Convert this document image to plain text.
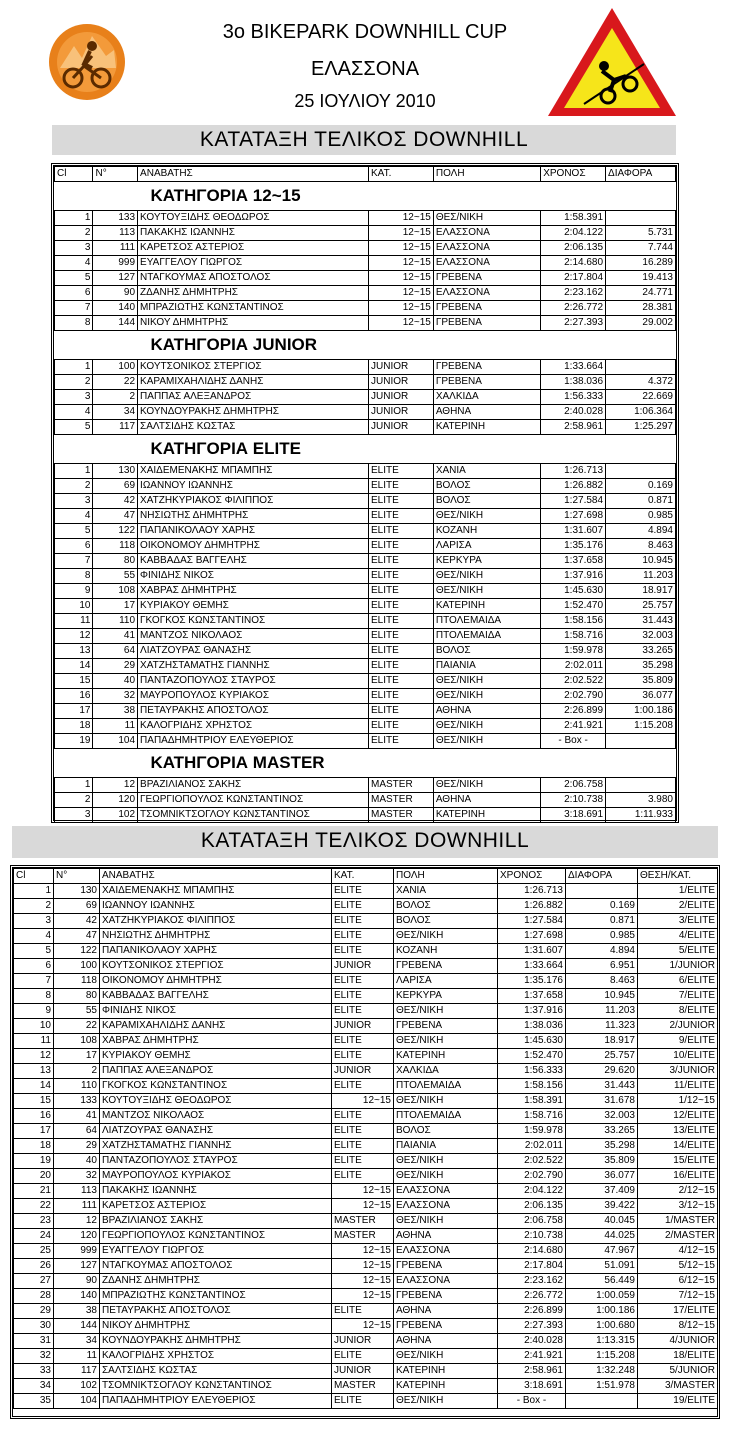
3o BIKEPARK DOWNHILL CUP
ΕΛΑΣΣΟΝΑ
25 ΙΟΥΛΙΟΥ 2010
ΚΑΤΑΤΑΞΗ ΤΕΛΙΚΟΣ DOWNHILL
Cl	N°	ΑΝΑΒΑΤΗΣ	ΚΑΤ.	ΠΟΛΗ	ΧΡΟΝΟΣ	ΔΙΑΦΟΡΑ
ΚΑΤΗΓΟΡΙΑ 12~15						
1	133	ΚΟΥΤΟΥΞΙΔΗΣ ΘΕΟΔΩΡΟΣ	12~15	ΘΕΣ/ΝΙΚΗ	1:58.391	
2	113	ΠΑΚΑΚΗΣ ΙΩΑΝΝΗΣ	12~15	ΕΛΑΣΣΟΝΑ	2:04.122	5.731
3	111	ΚΑΡΕΤΣΟΣ ΑΣΤΕΡΙΟΣ	12~15	ΕΛΑΣΣΟΝΑ	2:06.135	7.744
4	999	ΕΥΑΓΓΕΛΟΥ ΓΙΩΡΓΟΣ	12~15	ΕΛΑΣΣΟΝΑ	2:14.680	16.289
5	127	ΝΤΑΓΚΟΥΜΑΣ ΑΠΟΣΤΟΛΟΣ	12~15	ΓΡΕΒΕΝΑ	2:17.804	19.413
6	90	ΖΔΑΝΗΣ ΔΗΜΗΤΡΗΣ	12~15	ΕΛΑΣΣΟΝΑ	2:23.162	24.771
7	140	ΜΠΡΑΖΙΩΤΗΣ ΚΩΝΣΤΑΝΤΙΝΟΣ	12~15	ΓΡΕΒΕΝΑ	2:26.772	28.381
8	144	ΝΙΚΟΥ ΔΗΜΗΤΡΗΣ	12~15	ΓΡΕΒΕΝΑ	2:27.393	29.002
ΚΑΤΗΓΟΡΙΑ JUNIOR						
1	100	ΚΟΥΤΣΟΝΙΚΟΣ ΣΤΕΡΓΙΟΣ	JUNIOR	ΓΡΕΒΕΝΑ	1:33.664	
2	22	ΚΑΡΑΜΙΧΑΗΛΙΔΗΣ ΔΑΝΗΣ	JUNIOR	ΓΡΕΒΕΝΑ	1:38.036	4.372
3	2	ΠΑΠΠΑΣ ΑΛΕΞΑΝΔΡΟΣ	JUNIOR	ΧΑΛΚΙΔΑ	1:56.333	22.669
4	34	ΚΟΥΝΔΟΥΡΑΚΗΣ ΔΗΜΗΤΡΗΣ	JUNIOR	ΑΘΗΝΑ	2:40.028	1:06.364
5	117	ΣΑΛΤΣΙΔΗΣ ΚΩΣΤΑΣ	JUNIOR	ΚΑΤΕΡΙΝΗ	2:58.961	1:25.297
ΚΑΤΗΓΟΡΙΑ ELITE						
1	130	ΧΑΙΔΕΜΕΝΑΚΗΣ ΜΠΑΜΠΗΣ	ELITE	ΧΑΝΙΑ	1:26.713	
2	69	ΙΩΑΝΝΟΥ ΙΩΑΝΝΗΣ	ELITE	ΒΟΛΟΣ	1:26.882	0.169
3	42	ΧΑΤΖΗΚΥΡΙΑΚΟΣ ΦΙΛΙΠΠΟΣ	ELITE	ΒΟΛΟΣ	1:27.584	0.871
4	47	ΝΗΣΙΩΤΗΣ ΔΗΜΗΤΡΗΣ	ELITE	ΘΕΣ/ΝΙΚΗ	1:27.698	0.985
5	122	ΠΑΠΑΝΙΚΟΛΑΟΥ ΧΑΡΗΣ	ELITE	ΚΟΖΑΝΗ	1:31.607	4.894
6	118	ΟΙΚΟΝΟΜΟΥ ΔΗΜΗΤΡΗΣ	ELITE	ΛΑΡΙΣΑ	1:35.176	8.463
7	80	ΚΑΒΒΑΔΑΣ ΒΑΓΓΕΛΗΣ	ELITE	ΚΕΡΚΥΡΑ	1:37.658	10.945
8	55	ΦΙΝΙΔΗΣ ΝΙΚΟΣ	ELITE	ΘΕΣ/ΝΙΚΗ	1:37.916	11.203
9	108	ΧΑΒΡΑΣ ΔΗΜΗΤΡΗΣ	ELITE	ΘΕΣ/ΝΙΚΗ	1:45.630	18.917
10	17	ΚΥΡΙΑΚΟΥ ΘΕΜΗΣ	ELITE	ΚΑΤΕΡΙΝΗ	1:52.470	25.757
11	110	ΓΚΟΓΚΟΣ ΚΩΝΣΤΑΝΤΙΝΟΣ	ELITE	ΠΤΟΛΕΜΑΙΔΑ	1:58.156	31.443
12	41	ΜΑΝΤΖΟΣ ΝΙΚΟΛΑΟΣ	ELITE	ΠΤΟΛΕΜΑΙΔΑ	1:58.716	32.003
13	64	ΛΙΑΤΖΟΥΡΑΣ ΘΑΝΑΣΗΣ	ELITE	ΒΟΛΟΣ	1:59.978	33.265
14	29	ΧΑΤΖΗΣΤΑΜΑΤΗΣ ΓΙΑΝΝΗΣ	ELITE	ΠΑΙΑΝΙΑ	2:02.011	35.298
15	40	ΠΑΝΤΑΖΟΠΟΥΛΟΣ ΣΤΑΥΡΟΣ	ELITE	ΘΕΣ/ΝΙΚΗ	2:02.522	35.809
16	32	ΜΑΥΡΟΠΟΥΛΟΣ ΚΥΡΙΑΚΟΣ	ELITE	ΘΕΣ/ΝΙΚΗ	2:02.790	36.077
17	38	ΠΕΤΑΥΡΑΚΗΣ ΑΠΟΣΤΟΛΟΣ	ELITE	ΑΘΗΝΑ	2:26.899	1:00.186
18	11	ΚΑΛΟΓΡΙΔΗΣ ΧΡΗΣΤΟΣ	ELITE	ΘΕΣ/ΝΙΚΗ	2:41.921	1:15.208
19	104	ΠΑΠΑΔΗΜΗΤΡΙΟΥ ΕΛΕΥΘΕΡΙΟΣ	ELITE	ΘΕΣ/ΝΙΚΗ	- Box -	
ΚΑΤΗΓΟΡΙΑ MASTER						
1	12	ΒΡΑΖΙΛΙΑΝΟΣ ΣΑΚΗΣ	MASTER	ΘΕΣ/ΝΙΚΗ	2:06.758	
2	120	ΓΕΩΡΓΙΟΠΟΥΛΟΣ ΚΩΝΣΤΑΝΤΙΝΟΣ	MASTER	ΑΘΗΝΑ	2:10.738	3.980
3	102	ΤΣΟΜΝΙΚΤΣΟΓΛΟΥ ΚΩΝΣΤΑΝΤΙΝΟΣ	MASTER	ΚΑΤΕΡΙΝΗ	3:18.691	1:11.933
ΚΑΤΑΤΑΞΗ ΤΕΛΙΚΟΣ DOWNHILL
Cl	N°	ΑΝΑΒΑΤΗΣ	ΚΑΤ.	ΠΟΛΗ	ΧΡΟΝΟΣ	ΔΙΑΦΟΡΑ	ΘΕΣΗ/ΚΑΤ.
1	130	ΧΑΙΔΕΜΕΝΑΚΗΣ ΜΠΑΜΠΗΣ	ELITE	ΧΑΝΙΑ	1:26.713		1/ELITE
2	69	ΙΩΑΝΝΟΥ ΙΩΑΝΝΗΣ	ELITE	ΒΟΛΟΣ	1:26.882	0.169	2/ELITE
3	42	ΧΑΤΖΗΚΥΡΙΑΚΟΣ ΦΙΛΙΠΠΟΣ	ELITE	ΒΟΛΟΣ	1:27.584	0.871	3/ELITE
4	47	ΝΗΣΙΩΤΗΣ ΔΗΜΗΤΡΗΣ	ELITE	ΘΕΣ/ΝΙΚΗ	1:27.698	0.985	4/ELITE
5	122	ΠΑΠΑΝΙΚΟΛΑΟΥ ΧΑΡΗΣ	ELITE	ΚΟΖΑΝΗ	1:31.607	4.894	5/ELITE
6	100	ΚΟΥΤΣΟΝΙΚΟΣ ΣΤΕΡΓΙΟΣ	JUNIOR	ΓΡΕΒΕΝΑ	1:33.664	6.951	1/JUNIOR
7	118	ΟΙΚΟΝΟΜΟΥ ΔΗΜΗΤΡΗΣ	ELITE	ΛΑΡΙΣΑ	1:35.176	8.463	6/ELITE
8	80	ΚΑΒΒΑΔΑΣ ΒΑΓΓΕΛΗΣ	ELITE	ΚΕΡΚΥΡΑ	1:37.658	10.945	7/ELITE
9	55	ΦΙΝΙΔΗΣ ΝΙΚΟΣ	ELITE	ΘΕΣ/ΝΙΚΗ	1:37.916	11.203	8/ELITE
10	22	ΚΑΡΑΜΙΧΑΗΛΙΔΗΣ ΔΑΝΗΣ	JUNIOR	ΓΡΕΒΕΝΑ	1:38.036	11.323	2/JUNIOR
11	108	ΧΑΒΡΑΣ ΔΗΜΗΤΡΗΣ	ELITE	ΘΕΣ/ΝΙΚΗ	1:45.630	18.917	9/ELITE
12	17	ΚΥΡΙΑΚΟΥ ΘΕΜΗΣ	ELITE	ΚΑΤΕΡΙΝΗ	1:52.470	25.757	10/ELITE
13	2	ΠΑΠΠΑΣ ΑΛΕΞΑΝΔΡΟΣ	JUNIOR	ΧΑΛΚΙΔΑ	1:56.333	29.620	3/JUNIOR
14	110	ΓΚΟΓΚΟΣ ΚΩΝΣΤΑΝΤΙΝΟΣ	ELITE	ΠΤΟΛΕΜΑΙΔΑ	1:58.156	31.443	11/ELITE
15	133	ΚΟΥΤΟΥΞΙΔΗΣ ΘΕΟΔΩΡΟΣ	12~15	ΘΕΣ/ΝΙΚΗ	1:58.391	31.678	1/12~15
16	41	ΜΑΝΤΖΟΣ ΝΙΚΟΛΑΟΣ	ELITE	ΠΤΟΛΕΜΑΙΔΑ	1:58.716	32.003	12/ELITE
17	64	ΛΙΑΤΖΟΥΡΑΣ ΘΑΝΑΣΗΣ	ELITE	ΒΟΛΟΣ	1:59.978	33.265	13/ELITE
18	29	ΧΑΤΖΗΣΤΑΜΑΤΗΣ ΓΙΑΝΝΗΣ	ELITE	ΠΑΙΑΝΙΑ	2:02.011	35.298	14/ELITE
19	40	ΠΑΝΤΑΖΟΠΟΥΛΟΣ ΣΤΑΥΡΟΣ	ELITE	ΘΕΣ/ΝΙΚΗ	2:02.522	35.809	15/ELITE
20	32	ΜΑΥΡΟΠΟΥΛΟΣ ΚΥΡΙΑΚΟΣ	ELITE	ΘΕΣ/ΝΙΚΗ	2:02.790	36.077	16/ELITE
21	113	ΠΑΚΑΚΗΣ ΙΩΑΝΝΗΣ	12~15	ΕΛΑΣΣΟΝΑ	2:04.122	37.409	2/12~15
22	111	ΚΑΡΕΤΣΟΣ ΑΣΤΕΡΙΟΣ	12~15	ΕΛΑΣΣΟΝΑ	2:06.135	39.422	3/12~15
23	12	ΒΡΑΖΙΛΙΑΝΟΣ ΣΑΚΗΣ	MASTER	ΘΕΣ/ΝΙΚΗ	2:06.758	40.045	1/MASTER
24	120	ΓΕΩΡΓΙΟΠΟΥΛΟΣ ΚΩΝΣΤΑΝΤΙΝΟΣ	MASTER	ΑΘΗΝΑ	2:10.738	44.025	2/MASTER
25	999	ΕΥΑΓΓΕΛΟΥ ΓΙΩΡΓΟΣ	12~15	ΕΛΑΣΣΟΝΑ	2:14.680	47.967	4/12~15
26	127	ΝΤΑΓΚΟΥΜΑΣ ΑΠΟΣΤΟΛΟΣ	12~15	ΓΡΕΒΕΝΑ	2:17.804	51.091	5/12~15
27	90	ΖΔΑΝΗΣ ΔΗΜΗΤΡΗΣ	12~15	ΕΛΑΣΣΟΝΑ	2:23.162	56.449	6/12~15
28	140	ΜΠΡΑΖΙΩΤΗΣ ΚΩΝΣΤΑΝΤΙΝΟΣ	12~15	ΓΡΕΒΕΝΑ	2:26.772	1:00.059	7/12~15
29	38	ΠΕΤΑΥΡΑΚΗΣ ΑΠΟΣΤΟΛΟΣ	ELITE	ΑΘΗΝΑ	2:26.899	1:00.186	17/ELITE
30	144	ΝΙΚΟΥ ΔΗΜΗΤΡΗΣ	12~15	ΓΡΕΒΕΝΑ	2:27.393	1:00.680	8/12~15
31	34	ΚΟΥΝΔΟΥΡΑΚΗΣ ΔΗΜΗΤΡΗΣ	JUNIOR	ΑΘΗΝΑ	2:40.028	1:13.315	4/JUNIOR
32	11	ΚΑΛΟΓΡΙΔΗΣ ΧΡΗΣΤΟΣ	ELITE	ΘΕΣ/ΝΙΚΗ	2:41.921	1:15.208	18/ELITE
33	117	ΣΑΛΤΣΙΔΗΣ ΚΩΣΤΑΣ	JUNIOR	ΚΑΤΕΡΙΝΗ	2:58.961	1:32.248	5/JUNIOR
34	102	ΤΣΟΜΝΙΚΤΣΟΓΛΟΥ ΚΩΝΣΤΑΝΤΙΝΟΣ	MASTER	ΚΑΤΕΡΙΝΗ	3:18.691	1:51.978	3/MASTER
35	104	ΠΑΠΑΔΗΜΗΤΡΙΟΥ ΕΛΕΥΘΕΡΙΟΣ	ELITE	ΘΕΣ/ΝΙΚΗ	- Box -		19/ELITE
